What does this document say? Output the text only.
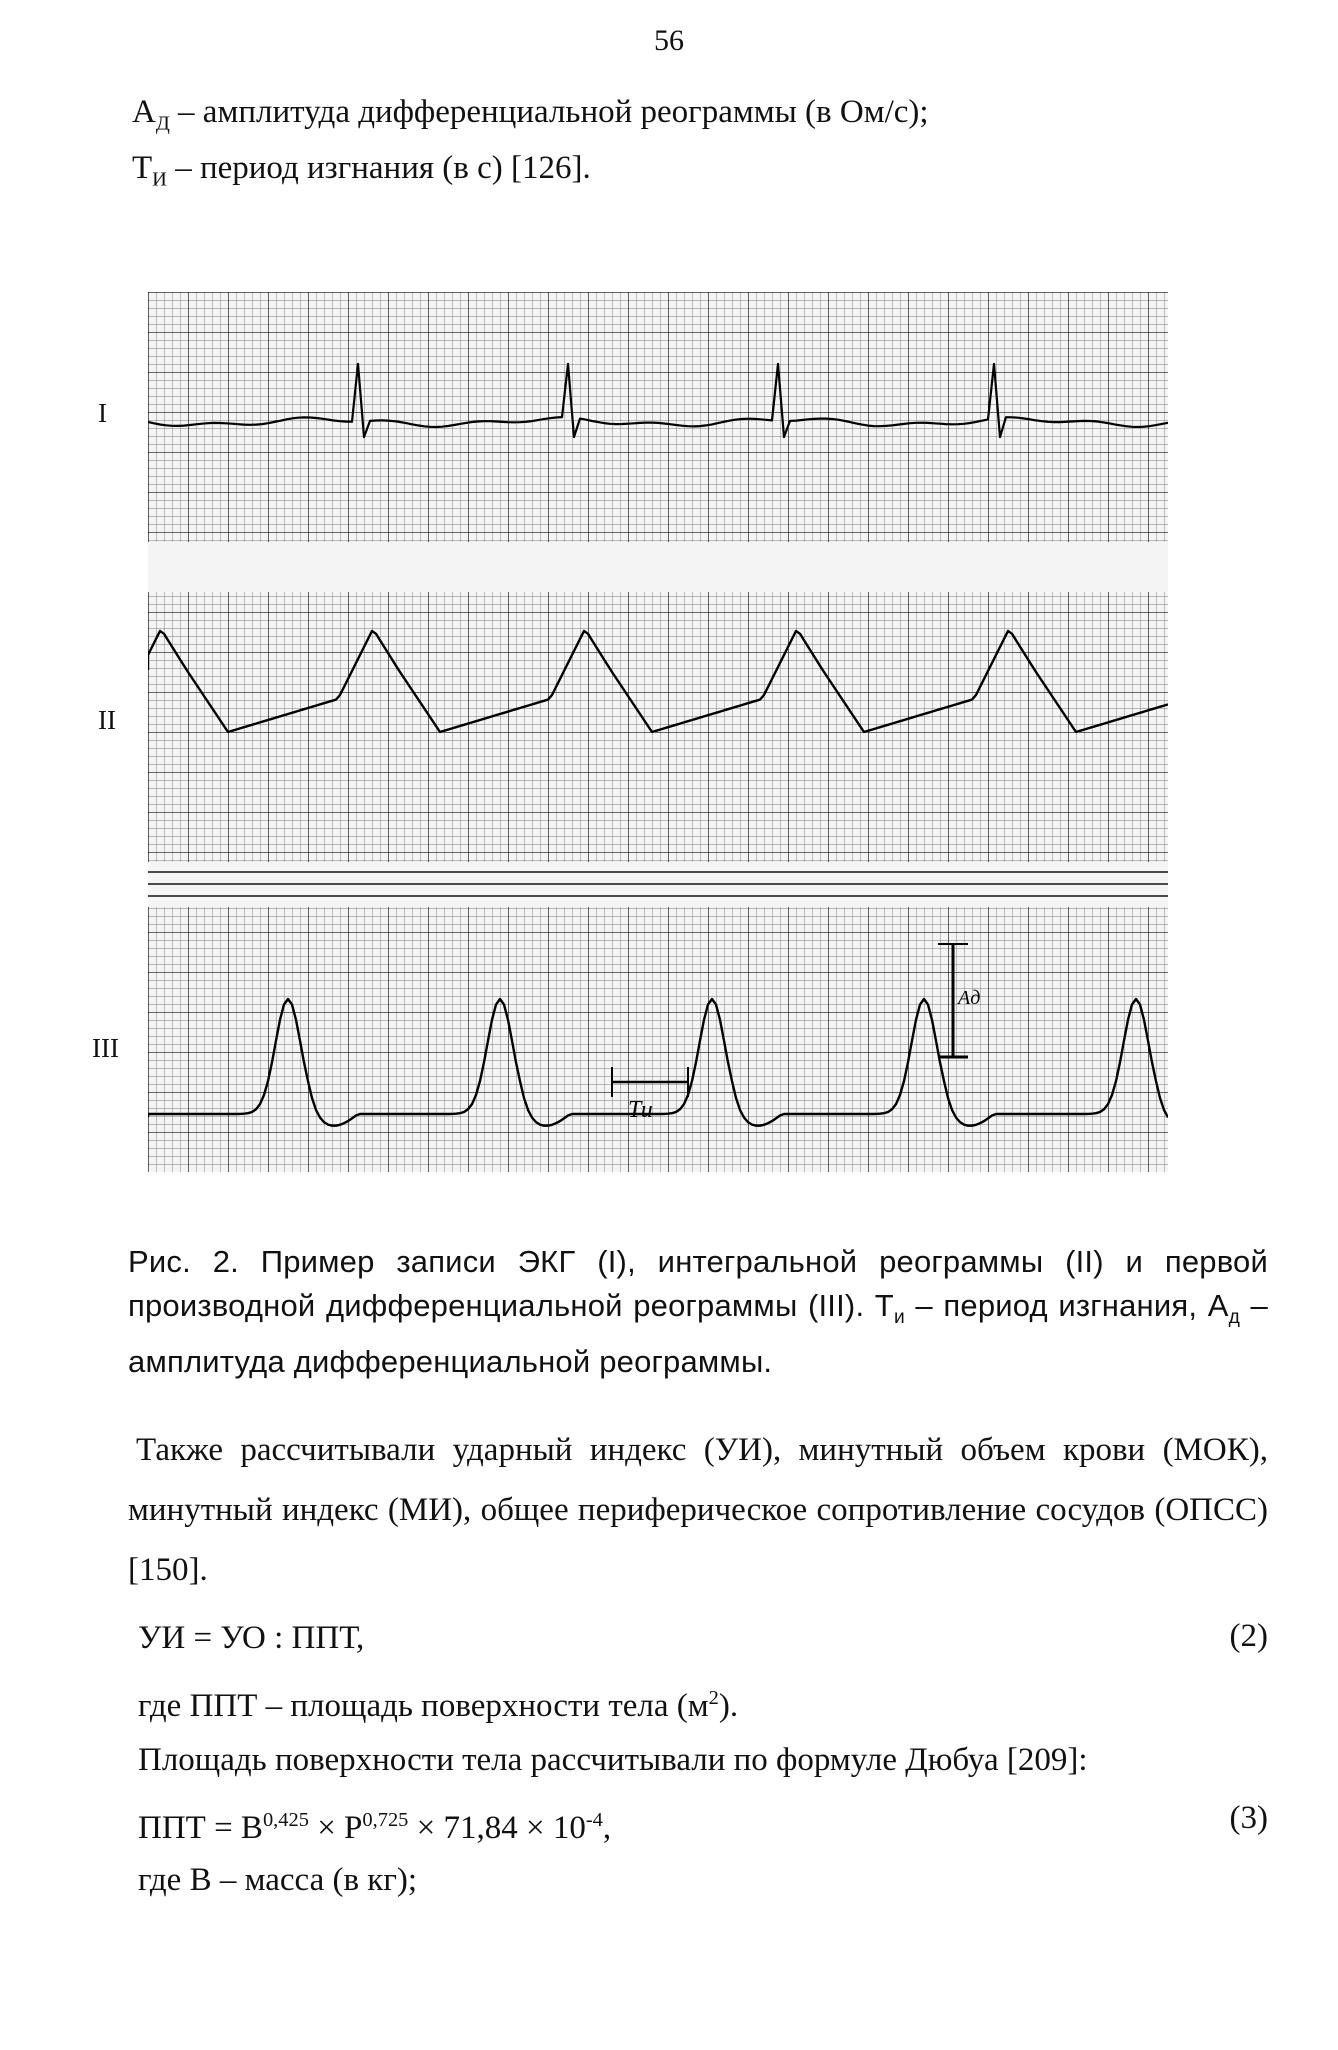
56
$А_Д$ – амплитуда дифференциальной реограммы (в Ом/с);
$Т_И$ – период изгнания (в с) [126].
I
II
III
Ад
Ти
Рис. 2. Пример записи ЭКГ (I), интегральной реограммы (II) и первой производной дифференциальной реограммы (III). $Т_и$ – период изгнания, $А_д$ – амплитуда дифференциальной реограммы.
Также рассчитывали ударный индекс (УИ), минутный объем крови (МОК), минутный индекс (МИ), общее периферическое сопротивление сосудов (ОПСС) [150].
УИ = УО : ППТ,	(2)
где ППТ – площадь поверхности тела $(м^2)$.
Площадь поверхности тела рассчитывали по формуле Дюбуа [209]:
ППТ = $В^{0,425} \times Р^{0,725} \times 71,84 \times 10^{-4}$,	(3)
где В – масса (в кг);
